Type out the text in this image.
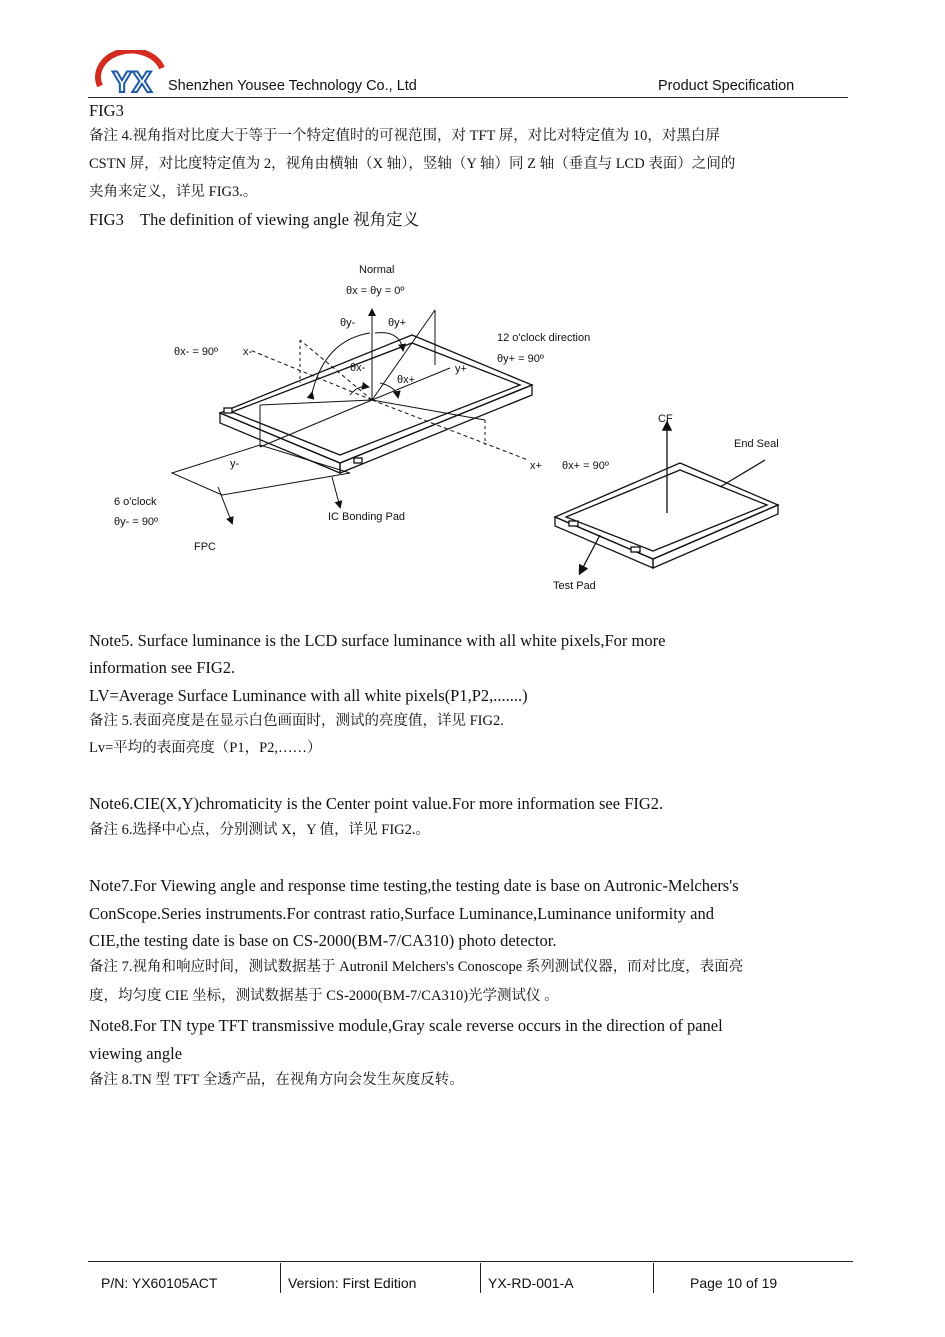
YX Shenzhen Yousee Technology Co., Ltd	Product Specification
FIG3
备注 4.视角指对比度大于等于一个特定值时的可视范围，对 TFT 屏，对比对特定值为 10，对黑白屏
CSTN 屏，对比度特定值为 2，视角由横轴（X 轴），竖轴（Y 轴）同 Z 轴（垂直与 LCD 表面）之间的
夹角来定义，详见 FIG3.。
FIG3    The definition of viewing angle 视角定义
Normal
θx = θy = 0º
θy-	θy+
θx- = 90º x-
θx-
θx+
y+
12 o'clock direction
θy+ = 90º
y-	x+ θx+ = 90º
6 o'clock
θy- = 90º
FPC
IC Bonding Pad
CF
End Seal
Test Pad
Note5. Surface luminance is the LCD surface luminance with all white pixels,For more
information see FIG2.
LV=Average Surface Luminance with all white pixels(P1,P2,.......)
备注 5.表面亮度是在显示白色画面时，测试的亮度值，详见 FIG2.
Lv=平均的表面亮度（P1，P2,……）
Note6.CIE(X,Y)chromaticity is the Center point value.For more information see FIG2.
备注 6.选择中心点，分别测试 X，Y 值，详见 FIG2.。
Note7.For Viewing angle and response time testing,the testing date is base on Autronic-Melchers's
ConScope.Series instruments.For contrast ratio,Surface Luminance,Luminance uniformity and
CIE,the testing date is base on CS-2000(BM-7/CA310) photo detector.
备注 7.视角和响应时间，测试数据基于 Autronil Melchers's Conoscope 系列测试仪器，而对比度，表面亮
度，均匀度 CIE 坐标，测试数据基于 CS-2000(BM-7/CA310)光学测试仪 。
Note8.For TN type TFT transmissive module,Gray scale reverse occurs in the direction of panel
viewing angle
备注 8.TN 型 TFT 全透产品，在视角方向会发生灰度反转。
P/N: YX60105ACT	Version: First Edition	YX-RD-001-A	Page 10 of 19
